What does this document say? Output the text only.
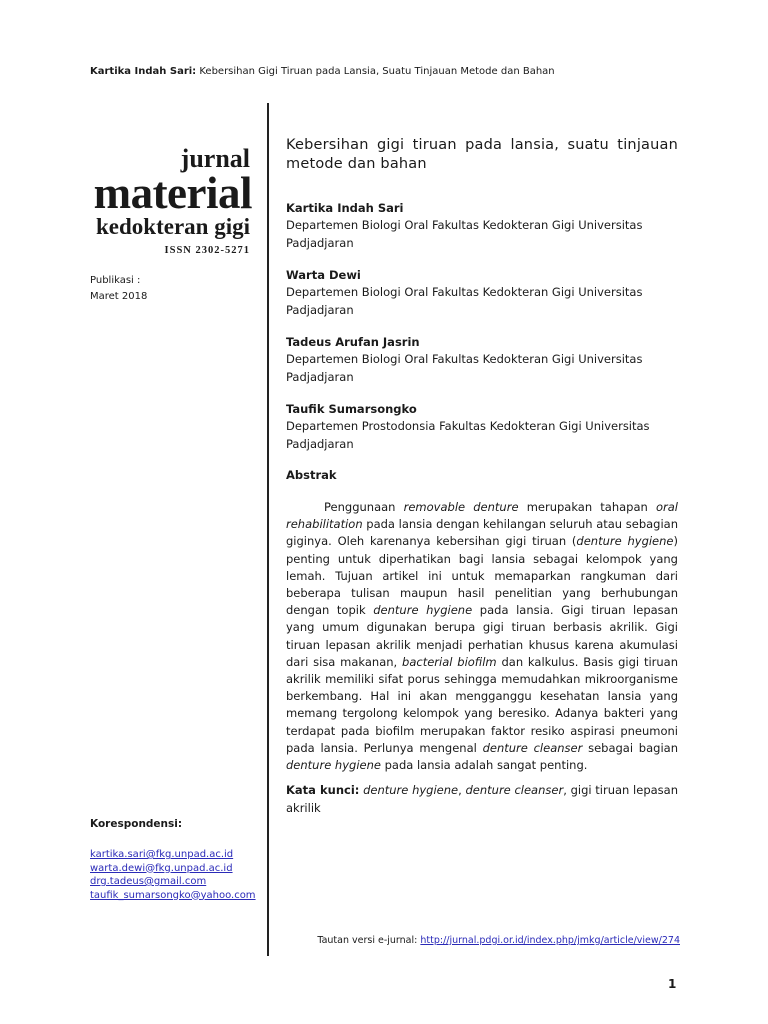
Kartika Indah Sari: Kebersihan Gigi Tiruan pada Lansia, Suatu Tinjauan Metode dan Bahan
jurnal
material
kedokteran gigi
ISSN 2302-5271
Publikasi :
Maret 2018
Korespondensi:
kartika.sari@fkg.unpad.ac.id
warta.dewi@fkg.unpad.ac.id
drg.tadeus@gmail.com
taufik_sumarsongko@yahoo.com
Kebersihan gigi tiruan pada lansia, suatu tinjauan metode dan bahan
Kartika Indah Sari
Departemen Biologi Oral Fakultas Kedokteran Gigi Universitas Padjadjaran
Warta Dewi
Departemen Biologi Oral Fakultas Kedokteran Gigi Universitas Padjadjaran
Tadeus Arufan Jasrin
Departemen Biologi Oral Fakultas Kedokteran Gigi Universitas Padjadjaran
Taufik Sumarsongko
Departemen Prostodonsia Fakultas Kedokteran Gigi Universitas Padjadjaran
Abstrak

Penggunaan removable denture merupakan tahapan oral rehabilitation pada lansia dengan kehilangan seluruh atau sebagian giginya. Oleh karenanya kebersihan gigi tiruan (denture hygiene) penting untuk diperhatikan bagi lansia sebagai kelompok yang lemah. Tujuan artikel ini untuk memaparkan rangkuman dari beberapa tulisan maupun hasil penelitian yang berhubungan dengan topik denture hygiene pada lansia. Gigi tiruan lepasan yang umum digunakan berupa gigi tiruan berbasis akrilik. Gigi tiruan lepasan akrilik menjadi perhatian khusus karena akumulasi dari sisa makanan, bacterial biofilm dan kalkulus. Basis gigi tiruan akrilik memiliki sifat porus sehingga memudahkan mikroorganisme berkembang. Hal ini akan mengganggu kesehatan lansia yang memang tergolong kelompok yang beresiko. Adanya bakteri yang terdapat pada biofilm merupakan faktor resiko aspirasi pneumoni pada lansia. Perlunya mengenal denture cleanser sebagai bagian denture hygiene pada lansia adalah sangat penting.

Kata kunci: denture hygiene, denture cleanser, gigi tiruan lepasan akrilik
Tautan versi e-jurnal: http://jurnal.pdgi.or.id/index.php/jmkg/article/view/274
1
